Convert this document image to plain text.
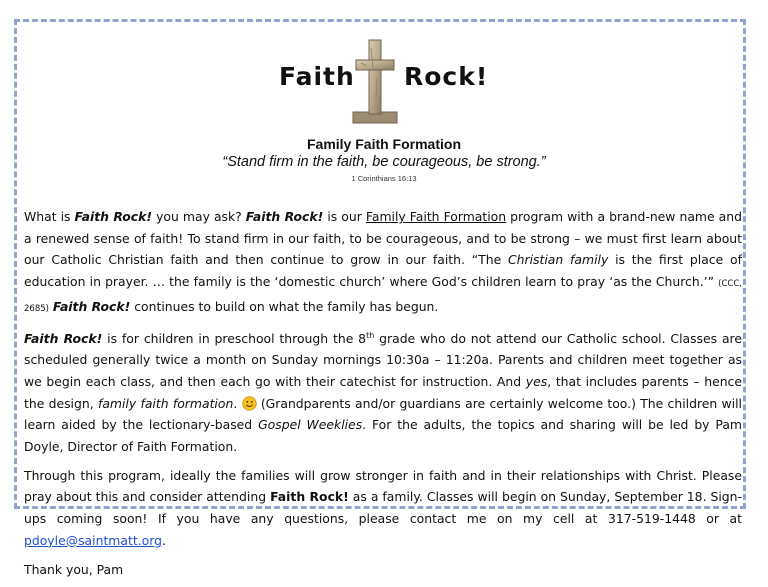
Faith Rock!
Family Faith Formation
“Stand firm in the faith, be courageous, be strong.”
1 Corinthians 16:13

What is Faith Rock! you may ask? Faith Rock! is our Family Faith Formation program with a brand-new name and a renewed sense of faith! To stand firm in our faith, to be courageous, and to be strong – we must first learn about our Catholic Christian faith and then continue to grow in our faith. “The Christian family is the first place of education in prayer. … the family is the ‘domestic church’ where God’s children learn to pray ‘as the Church.’” (CCC, 2685) Faith Rock! continues to build on what the family has begun.

Faith Rock! is for children in preschool through the 8th grade who do not attend our Catholic school. Classes are scheduled generally twice a month on Sunday mornings 10:30a – 11:20a. Parents and children meet together as we begin each class, and then each go with their catechist for instruction. And yes, that includes parents – hence the design, family faith formation.  (Grandparents and/or guardians are certainly welcome too.) The children will learn aided by the lectionary-based Gospel Weeklies. For the adults, the topics and sharing will be led by Pam Doyle, Director of Faith Formation.

Through this program, ideally the families will grow stronger in faith and in their relationships with Christ. Please pray about this and consider attending Faith Rock! as a family. Classes will begin on Sunday, September 18. Sign-ups coming soon! If you have any questions, please contact me on my cell at 317-519-1448 or at pdoyle@saintmatt.org.

Thank you, Pam
